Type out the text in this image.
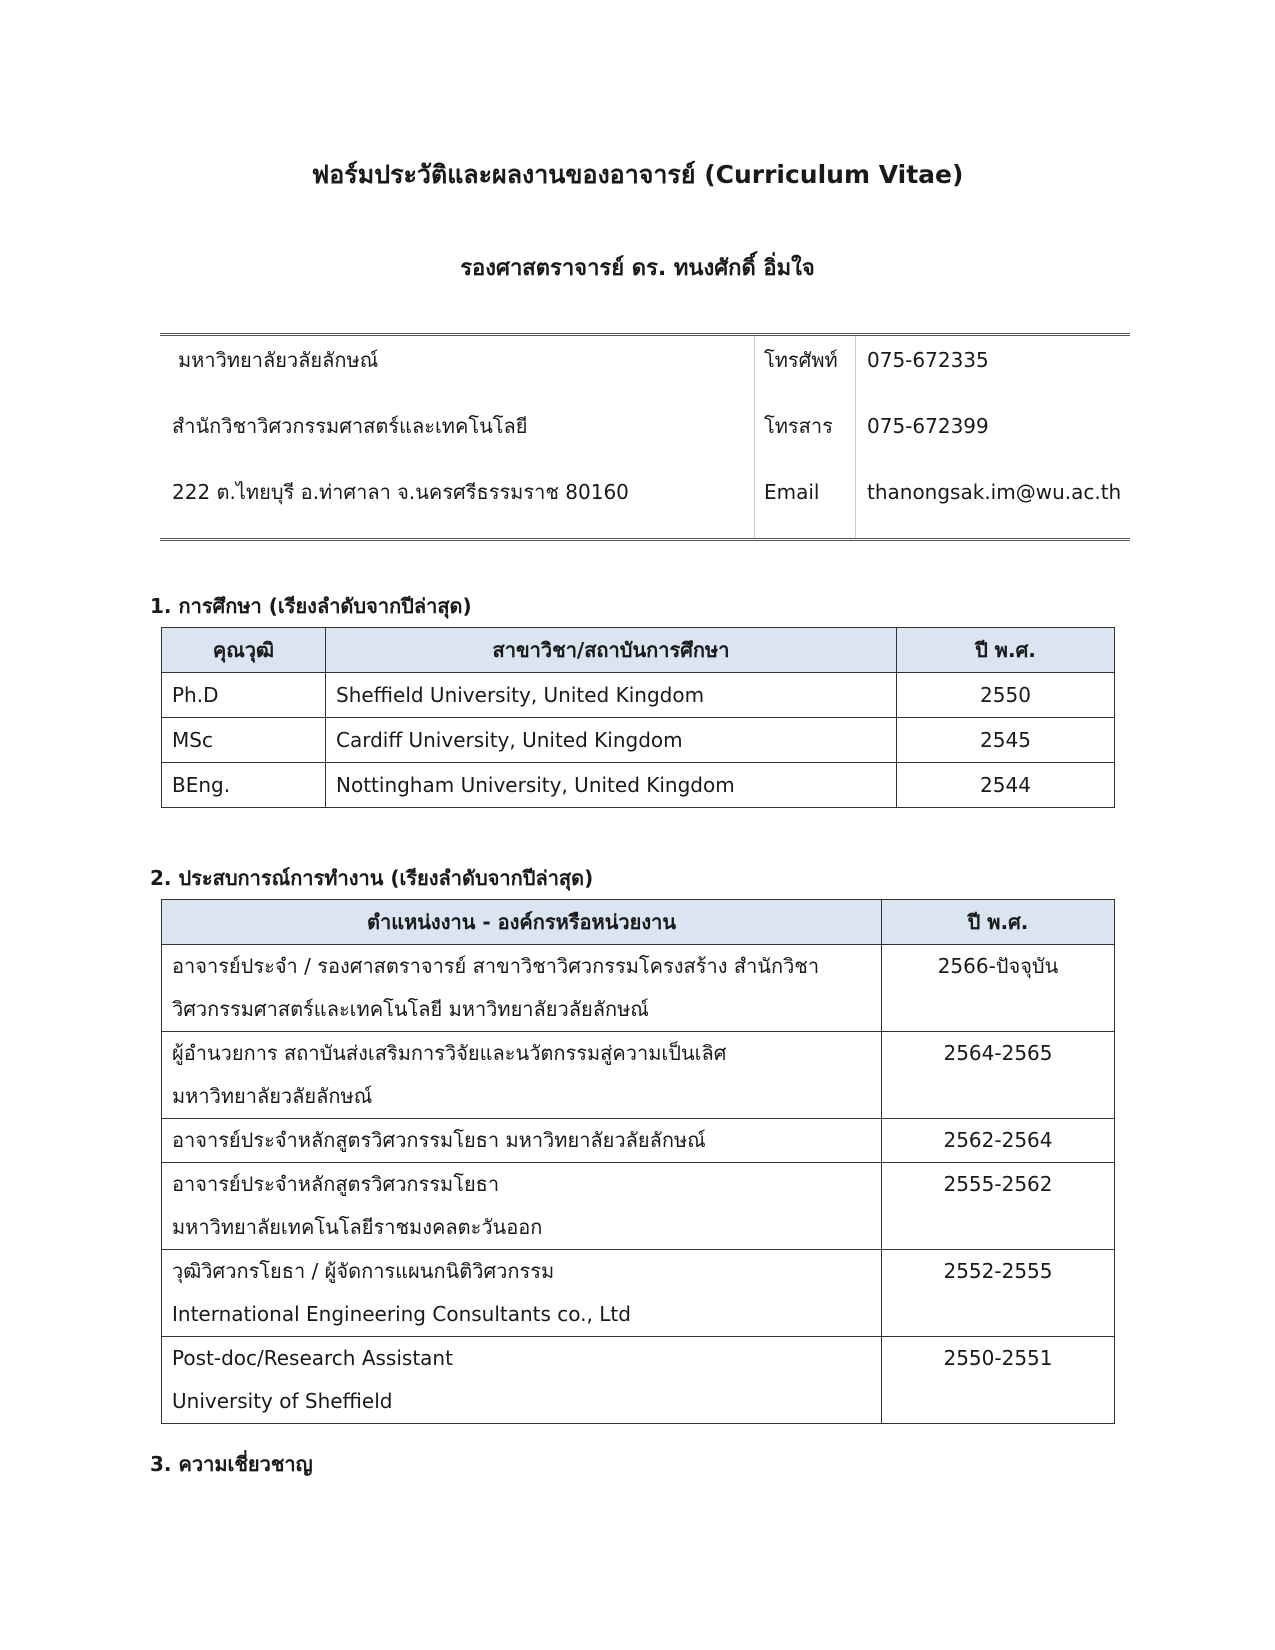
ฟอร์มประวัติและผลงานของอาจารย์ (Curriculum Vitae)
รองศาสตราจารย์ ดร. ทนงศักดิ์ อิ่มใจ
มหาวิทยาลัยวลัยลักษณ์	โทรศัพท์ 075-672335
สำนักวิชาวิศวกรรมศาสตร์และเทคโนโลยี	โทรสาร 075-672399
222 ต.ไทยบุรี อ.ท่าศาลา จ.นครศรีธรรมราช 80160	Email thanongsak.im@wu.ac.th
1. การศึกษา (เรียงลำดับจากปีล่าสุด)
คุณวุฒิ	สาขาวิชา/สถาบันการศึกษา	ปี พ.ศ.
Ph.D	Sheffield University, United Kingdom	2550
MSc	Cardiff University, United Kingdom	2545
BEng.	Nottingham University, United Kingdom	2544
2. ประสบการณ์การทำงาน (เรียงลำดับจากปีล่าสุด)
ตำแหน่งงาน - องค์กรหรือหน่วยงาน	ปี พ.ศ.

อาจารย์ประจำ / รองศาสตราจารย์ สาขาวิชาวิศวกรรมโครงสร้าง สำนักวิชา
วิศวกรรมศาสตร์และเทคโนโลยี มหาวิทยาลัยวลัยลักษณ์	2566-ปัจจุบัน

ผู้อำนวยการ สถาบันส่งเสริมการวิจัยและนวัตกรรมสู่ความเป็นเลิศ
มหาวิทยาลัยวลัยลักษณ์	2564-2565

อาจารย์ประจำหลักสูตรวิศวกรรมโยธา มหาวิทยาลัยวลัยลักษณ์	2562-2564

อาจารย์ประจำหลักสูตรวิศวกรรมโยธา
มหาวิทยาลัยเทคโนโลยีราชมงคลตะวันออก	2555-2562

วุฒิวิศวกรโยธา / ผู้จัดการแผนกนิติวิศวกรรม
International Engineering Consultants co., Ltd	2552-2555

Post-doc/Research Assistant
University of Sheffield	2550-2551
3. ความเชี่ยวชาญ
